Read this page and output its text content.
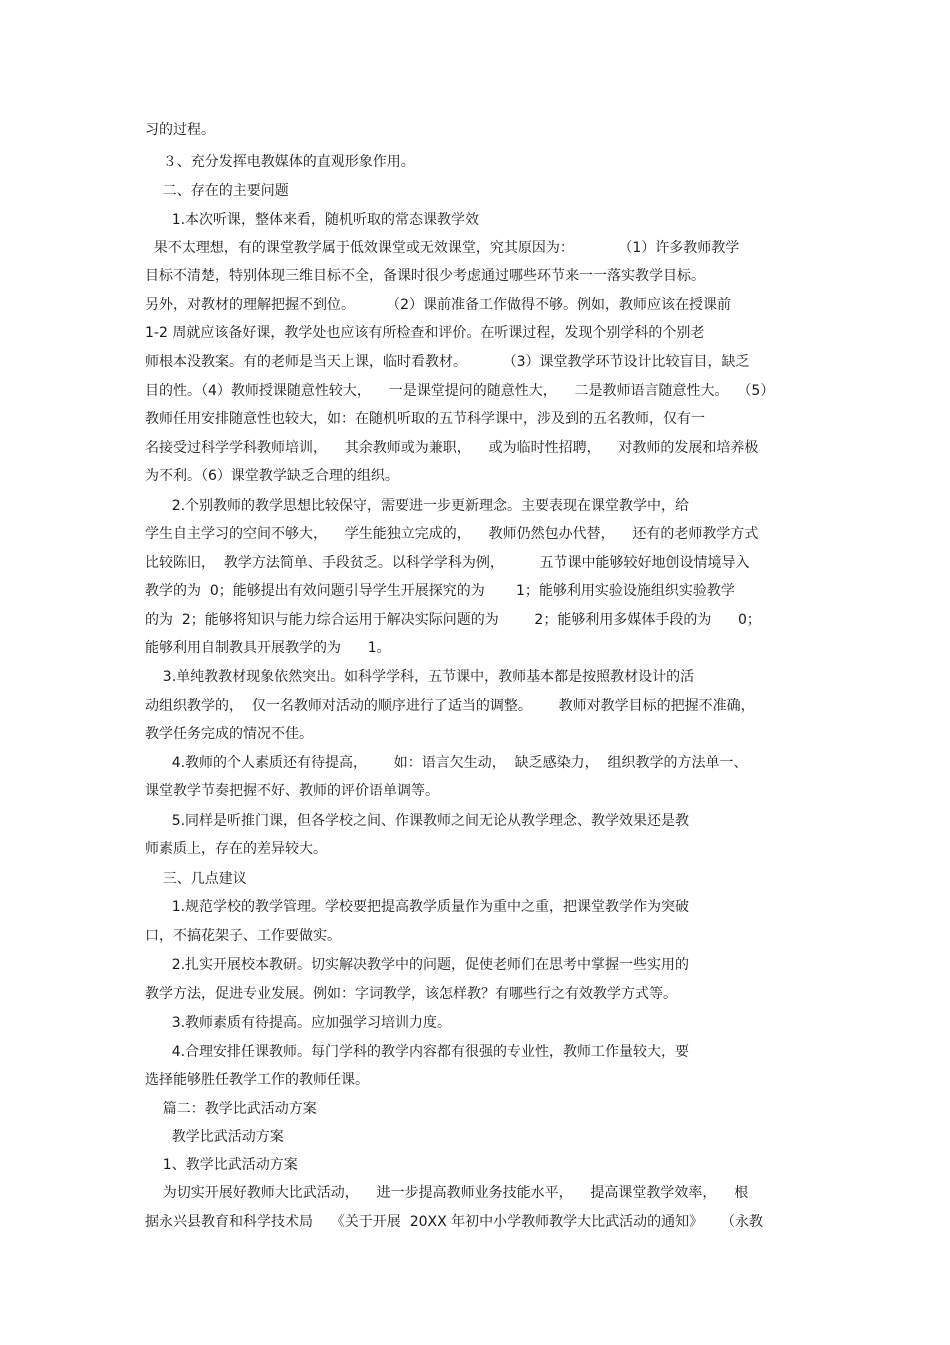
习的过程。
３、充分发挥电教媒体的直观形象作用。
二、存在的主要问题
1.本次听课，整体来看，随机听取的常态课教学效
果不太理想，有的课堂教学属于低效课堂或无效课堂，究其原因为：          （1）许多教师教学
目标不清楚，特别体现三维目标不全，备课时很少考虑通过哪些环节来一一落实教学目标。
另外，对教材的理解把握不到位。       （2）课前准备工作做得不够。例如，教师应该在授课前
1-2 周就应该备好课，教学处也应该有所检查和评价。在听课过程，发现个别学科的个别老
师根本没教案。有的老师是当天上课，临时看教材。        （3）课堂教学环节设计比较盲目，缺乏
目的性。（4）教师授课随意性较大，    一是课堂提问的随意性大，    二是教师语言随意性大。  （5）
教师任用安排随意性也较大，如：在随机听取的五节科学课中，涉及到的五名教师，仅有一
名接受过科学学科教师培训，    其余教师或为兼职，    或为临时性招聘，    对教师的发展和培养极
为不利。（6）课堂教学缺乏合理的组织。
2.个别教师的教学思想比较保守，需要进一步更新理念。主要表现在课堂教学中，给
学生自主学习的空间不够大，    学生能独立完成的，    教师仍然包办代替，    还有的老师教学方式
比较陈旧，  教学方法简单、手段贫乏。以科学学科为例，        五节课中能够较好地创设情境导入
教学的为  0；能够提出有效问题引导学生开展探究的为       1；能够利用实验设施组织实验教学
的为  2；能够将知识与能力综合运用于解决实际问题的为        2；能够利用多媒体手段的为      0；
能够利用自制教具开展教学的为      1。
3.单纯教教材现象依然突出。如科学学科，五节课中，教师基本都是按照教材设计的活
动组织教学的，  仅一名教师对活动的顺序进行了适当的调整。      教师对教学目标的把握不准确，
教学任务完成的情况不佳。
4.教师的个人素质还有待提高，      如：语言欠生动，  缺乏感染力，  组织教学的方法单一、
课堂教学节奏把握不好、教师的评价语单调等。
5.同样是听推门课，但各学校之间、作课教师之间无论从教学理念、教学效果还是教
师素质上，存在的差异较大。
三、几点建议
1.规范学校的教学管理。学校要把提高教学质量作为重中之重，把课堂教学作为突破
口，不搞花架子、工作要做实。
2.扎实开展校本教研。切实解决教学中的问题，促使老师们在思考中掌握一些实用的
教学方法，促进专业发展。例如：字词教学，该怎样教？有哪些行之有效教学方式等。
3.教师素质有待提高。应加强学习培训力度。
4.合理安排任课教师。每门学科的教学内容都有很强的专业性，教师工作量较大，要
选择能够胜任教学工作的教师任课。
篇二：教学比武活动方案
教学比武活动方案
1、教学比武活动方案
为切实开展好教师大比武活动，    进一步提高教师业务技能水平，    提高课堂教学效率，    根
据永兴县教育和科学技术局    《关于开展  20XX 年初中小学教师教学大比武活动的通知》    （永教
